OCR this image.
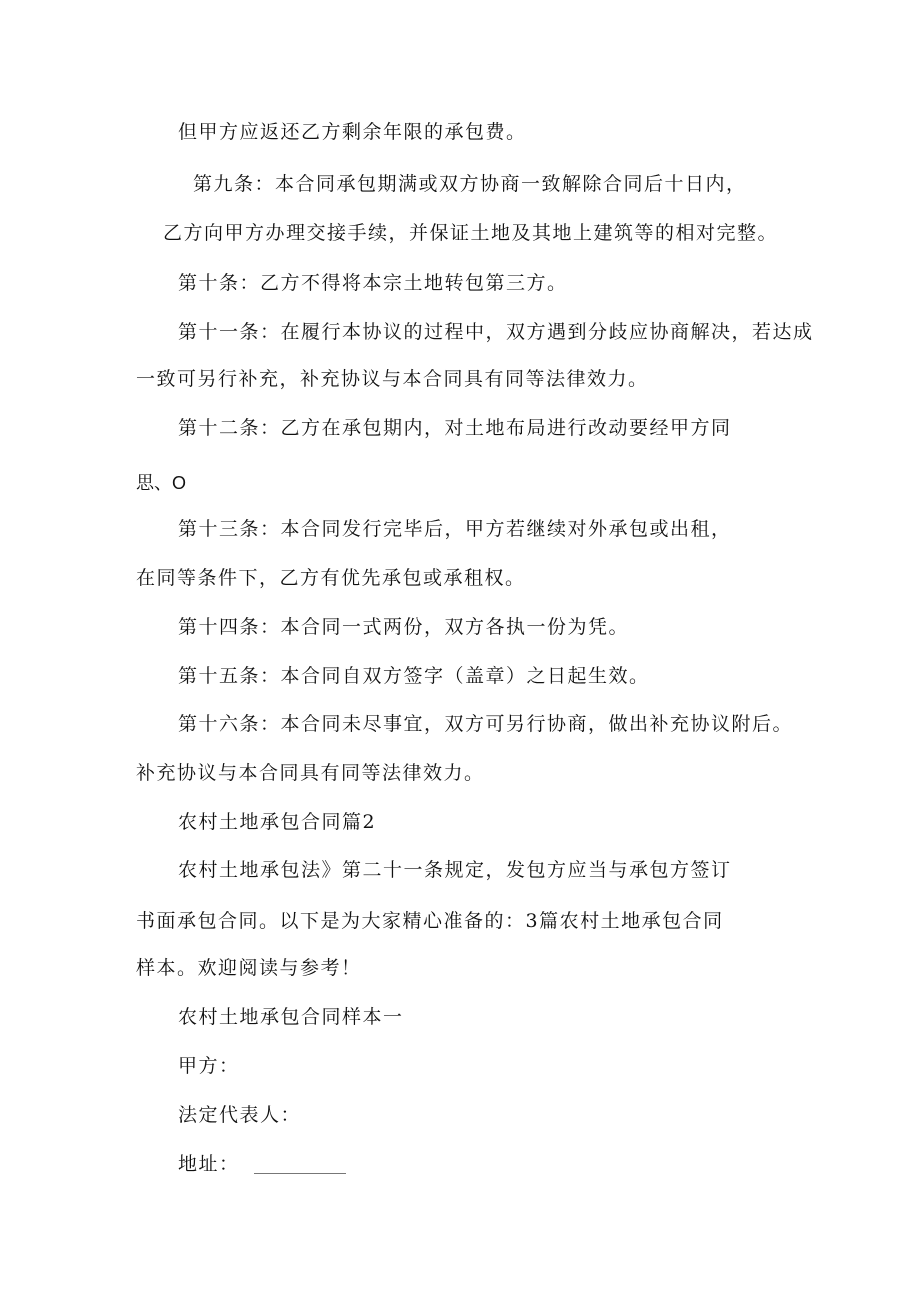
但甲方应返还乙方剩余年限的承包费。
第九条：本合同承包期满或双方协商一致解除合同后十日内，
乙方向甲方办理交接手续，并保证土地及其地上建筑等的相对完整。
第十条：乙方不得将本宗土地转包第三方。
第十一条：在履行本协议的过程中，双方遇到分歧应协商解决，若达成
一致可另行补充，补充协议与本合同具有同等法律效力。
第十二条：乙方在承包期内，对土地布局进行改动要经甲方同
思、O
第十三条：本合同发行完毕后，甲方若继续对外承包或出租，
在同等条件下，乙方有优先承包或承租权。
第十四条：本合同一式两份，双方各执一份为凭。
第十五条：本合同自双方签字（盖章）之日起生效。
第十六条：本合同未尽事宜，双方可另行协商，做出补充协议附后。
补充协议与本合同具有同等法律效力。
农村土地承包合同篇2
农村土地承包法》第二十一条规定，发包方应当与承包方签订
书面承包合同。以下是为大家精心准备的：3篇农村土地承包合同
样本。欢迎阅读与参考！
农村土地承包合同样本一
甲方：
法定代表人：
地址：
